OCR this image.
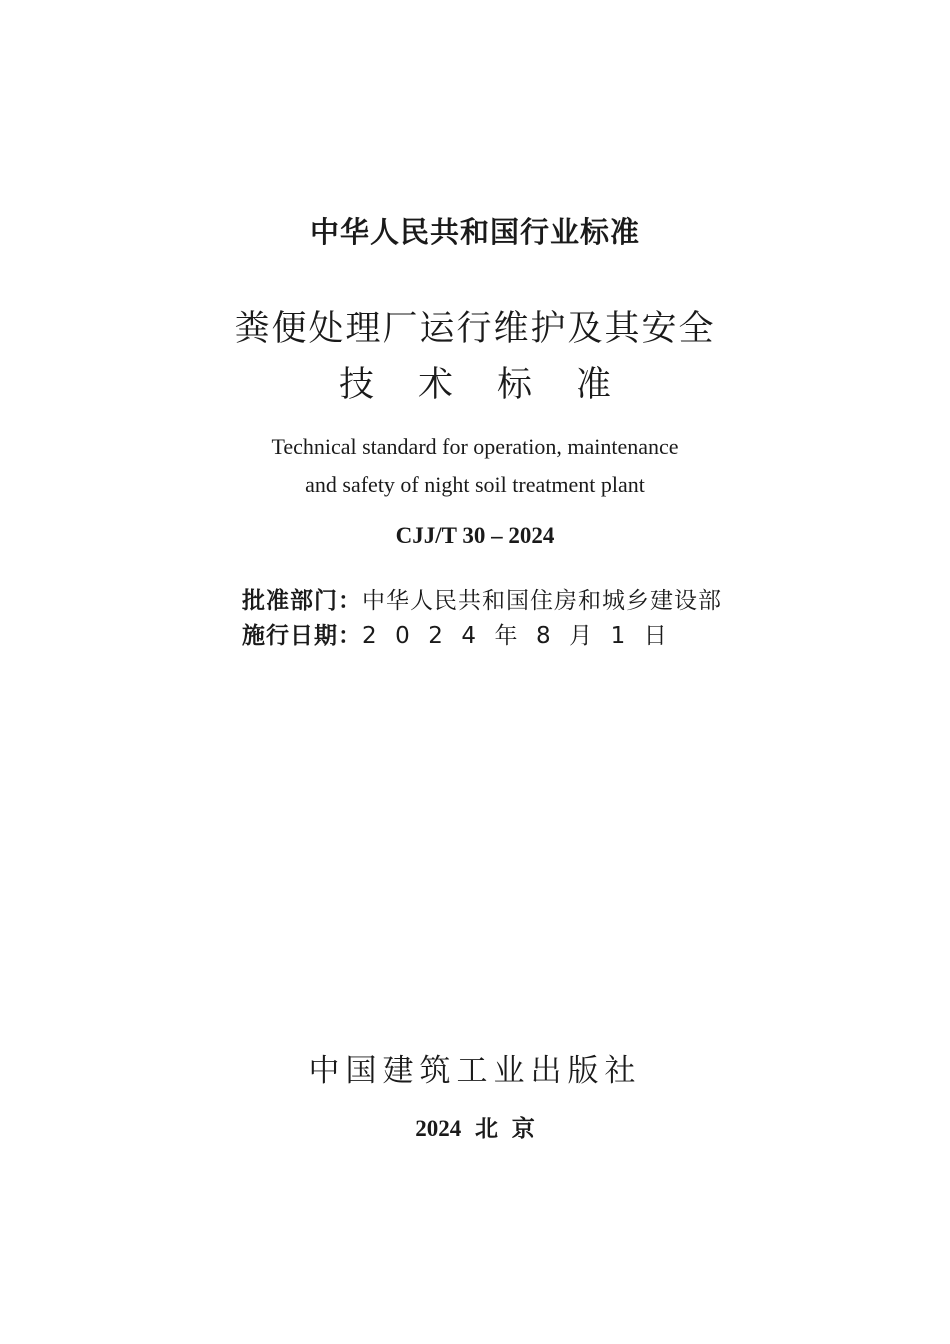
中华人民共和国行业标准
粪便处理厂运行维护及其安全
技术标准
Technical standard for operation, maintenance
and safety of night soil treatment plant
CJJ/T 30 – 2024
批准部门：中华人民共和国住房和城乡建设部
施行日期：2024年8月1日
中国建筑工业出版社
2024 北 京
